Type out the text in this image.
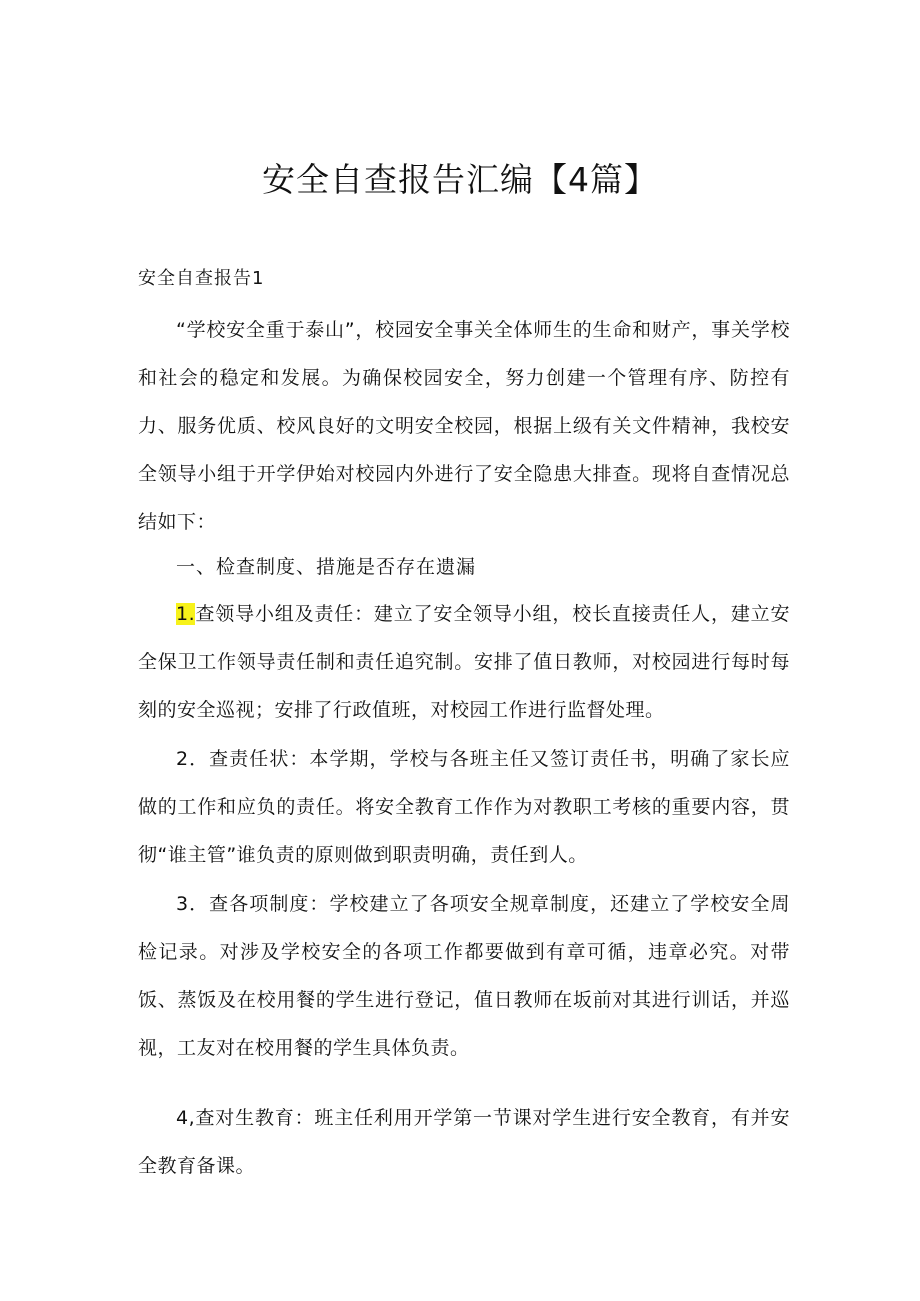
安全自查报告汇编【4篇】
安全自查报告1
“学校安全重于泰山”，校园安全事关全体师生的生命和财产，事关学校和社会的稳定和发展。为确保校园安全，努力创建一个管理有序、防控有力、服务优质、校风良好的文明安全校园，根据上级有关文件精神，我校安全领导小组于开学伊始对校园内外进行了安全隐患大排查。现将自查情况总结如下：
一、检查制度、措施是否存在遗漏
1.查领导小组及责任：建立了安全领导小组，校长直接责任人，建立安全保卫工作领导责任制和责任追究制。安排了值日教师，对校园进行每时每刻的安全巡视；安排了行政值班，对校园工作进行监督处理。
2．查责任状：本学期，学校与各班主任又签订责任书，明确了家长应做的工作和应负的责任。将安全教育工作作为对教职工考核的重要内容，贯彻“谁主管”谁负责的原则做到职责明确，责任到人。
3．查各项制度：学校建立了各项安全规章制度，还建立了学校安全周检记录。对涉及学校安全的各项工作都要做到有章可循，违章必究。对带饭、蒸饭及在校用餐的学生进行登记，值日教师在坂前对其进行训话，并巡视，工友对在校用餐的学生具体负责。
4,查对生教育：班主任利用开学第一节课对学生进行安全教育，有并安全教育备课。
